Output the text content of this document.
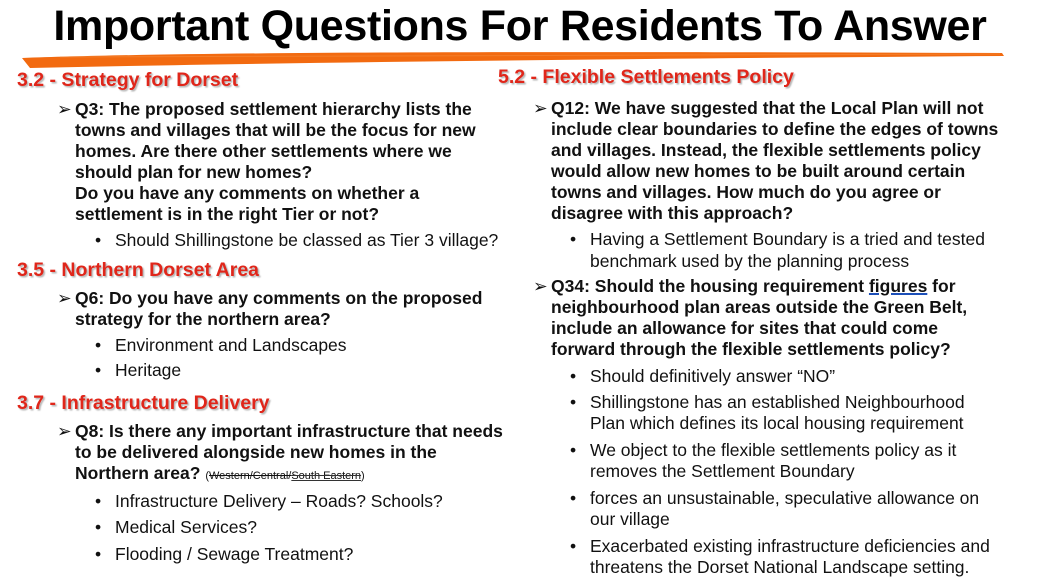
Important Questions For Residents To Answer
3.2 - Strategy for Dorset
➢ Q3: The proposed settlement hierarchy lists the
towns and villages that will be the focus for new
homes. Are there other settlements where we
should plan for new homes?
Do you have any comments on whether a
settlement is in the right Tier or not?
• Should Shillingstone be classed as Tier 3 village?
3.5 - Northern Dorset Area
➢ Q6: Do you have any comments on the proposed
strategy for the northern area?
• Environment and Landscapes
• Heritage
3.7 - Infrastructure Delivery
➢ Q8: Is there any important infrastructure that needs
to be delivered alongside new homes in the
Northern area? (Western/Central/South Eastern)
• Infrastructure Delivery – Roads? Schools?
• Medical Services?
• Flooding / Sewage Treatment?
5.2 - Flexible Settlements Policy
➢ Q12: We have suggested that the Local Plan will not
include clear boundaries to define the edges of towns
and villages. Instead, the flexible settlements policy
would allow new homes to be built around certain
towns and villages. How much do you agree or
disagree with this approach?
• Having a Settlement Boundary is a tried and tested
benchmark used by the planning process
➢ Q34: Should the housing requirement figures for
neighbourhood plan areas outside the Green Belt,
include an allowance for sites that could come
forward through the flexible settlements policy?
• Should definitively answer “NO”
• Shillingstone has an established Neighbourhood
Plan which defines its local housing requirement
• We object to the flexible settlements policy as it
removes the Settlement Boundary
• forces an unsustainable, speculative allowance on
our village
• Exacerbated existing infrastructure deficiencies and
threatens the Dorset National Landscape setting.
